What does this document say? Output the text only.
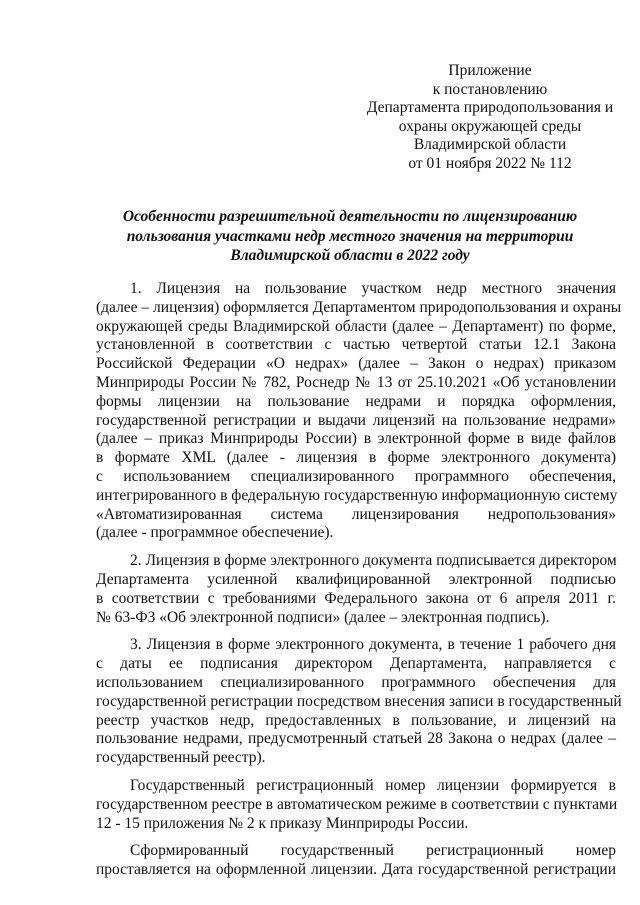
Приложение
к постановлению
Департамента природопользования и
охраны окружающей среды
Владимирской области
от 01 ноября 2022 № 112
Особенности разрешительной деятельности по лицензированию
пользования участками недр местного значения на территории
Владимирской области в 2022 году
1. Лицензия на пользование участком недр местного значения
(далее – лицензия) оформляется Департаментом природопользования и охраны
окружающей среды Владимирской области (далее – Департамент) по форме,
установленной в соответствии с частью четвертой статьи 12.1 Закона
Российской Федерации «О недрах» (далее – Закон о недрах) приказом
Минприроды России № 782, Роснедр № 13 от 25.10.2021 «Об установлении
формы лицензии на пользование недрами и порядка оформления,
государственной регистрации и выдачи лицензий на пользование недрами»
(далее – приказ Минприроды России) в электронной форме в виде файлов
в формате XML (далее - лицензия в форме электронного документа)
с использованием специализированного программного обеспечения,
интегрированного в федеральную государственную информационную систему
«Автоматизированная система лицензирования недропользования»
(далее - программное обеспечение).
2. Лицензия в форме электронного документа подписывается директором
Департамента усиленной квалифицированной электронной подписью
в соответствии с требованиями Федерального закона от 6 апреля 2011 г.
№ 63-ФЗ «Об электронной подписи» (далее – электронная подпись).
3. Лицензия в форме электронного документа, в течение 1 рабочего дня
с даты ее подписания директором Департамента, направляется с
использованием специализированного программного обеспечения для
государственной регистрации посредством внесения записи в государственный
реестр участков недр, предоставленных в пользование, и лицензий на
пользование недрами, предусмотренный статьей 28 Закона о недрах (далее –
государственный реестр).
Государственный регистрационный номер лицензии формируется в
государственном реестре в автоматическом режиме в соответствии с пунктами
12 - 15 приложения № 2 к приказу Минприроды России.
Сформированный государственный регистрационный номер
проставляется на оформленной лицензии. Дата государственной регистрации
